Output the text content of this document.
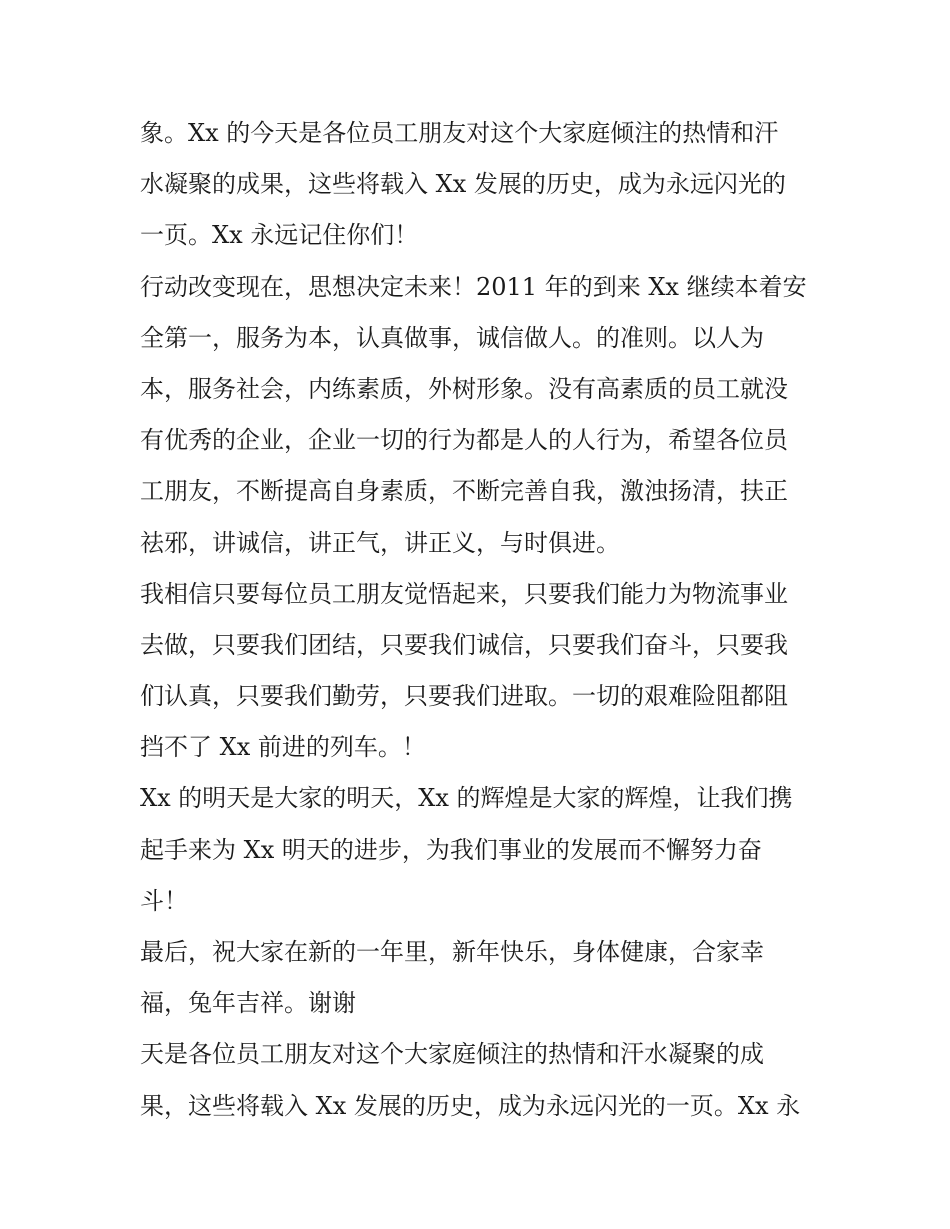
象。Xx 的今天是各位员工朋友对这个大家庭倾注的热情和汗
水凝聚的成果，这些将载入 Xx 发展的历史，成为永远闪光的
一页。Xx 永远记住你们！
行动改变现在，思想决定未来！2011 年的到来 Xx 继续本着安
全第一，服务为本，认真做事，诚信做人。的准则。以人为
本，服务社会，内练素质，外树形象。没有高素质的员工就没
有优秀的企业，企业一切的行为都是人的人行为，希望各位员
工朋友，不断提高自身素质，不断完善自我，激浊扬清，扶正
祛邪，讲诚信，讲正气，讲正义，与时俱进。
我相信只要每位员工朋友觉悟起来，只要我们能力为物流事业
去做，只要我们团结，只要我们诚信，只要我们奋斗，只要我
们认真，只要我们勤劳，只要我们进取。一切的艰难险阻都阻
挡不了 Xx 前进的列车。！
Xx 的明天是大家的明天，Xx 的辉煌是大家的辉煌，让我们携
起手来为 Xx 明天的进步，为我们事业的发展而不懈努力奋
斗！
最后，祝大家在新的一年里，新年快乐，身体健康，合家幸
福，兔年吉祥。谢谢
天是各位员工朋友对这个大家庭倾注的热情和汗水凝聚的成
果，这些将载入 Xx 发展的历史，成为永远闪光的一页。Xx 永
